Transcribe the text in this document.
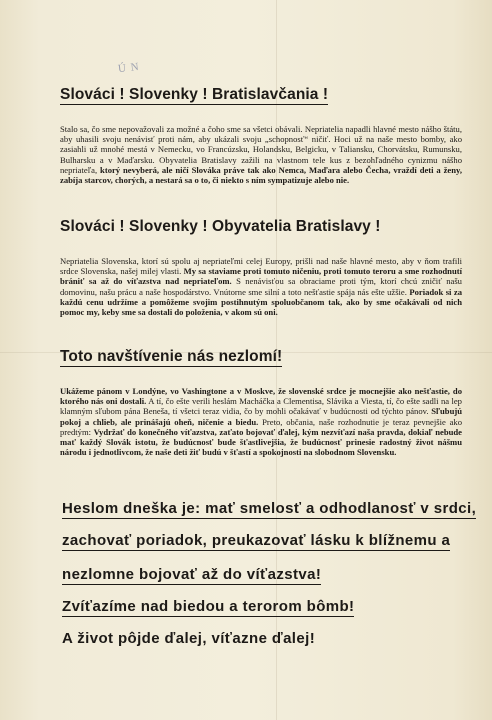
Ú N
Slováci ! Slovenky ! Bratislavčania !
Stalo sa, čo sme nepovažovali za možné a čoho sme sa všetci obávali. Nepriatelia napadli hlavné mesto nášho štátu, aby uhasili svoju nenávisť proti nám, aby ukázali svoju „schopnosť“ ničiť. Hoci už na naše mesto bomby, ako zasiahli už mnohé mestá v Nemecku, vo Francúzsku, Holandsku, Belgicku, v Taliansku, Chorvátsku, Rumunsku, Bulharsku a v Maďarsku. Obyvatelia Bratislavy zažili na vlastnom tele kus z bezohľadného cynizmu nášho nepriateľa, ktorý nevyberá, ale ničí Slováka práve tak ako Nemca, Maďara alebo Čecha, vraždí deti a ženy, zabíja starcov, chorých, a nestará sa o to, či niekto s ním sympatizuje alebo nie.
Slováci ! Slovenky ! Obyvatelia Bratislavy !
Nepriatelia Slovenska, ktorí sú spolu aj nepriateľmi celej Europy, prišli nad naše hlavné mesto, aby v ňom trafili srdce Slovenska, našej milej vlasti. My sa staviame proti tomuto ničeniu, proti tomuto teroru a sme rozhodnutí brániť sa až do víťazstva nad nepriateľom. S nenávisťou sa obraciame proti tým, ktorí chcú zničiť našu domovinu, našu prácu a naše hospodárstvo. Vnútorne sme silní a toto nešťastie spája nás ešte užšie. Poriadok si za každú cenu udržíme a pomôžeme svojim postihnutým spoluobčanom tak, ako by sme očakávali od nich pomoc my, keby sme sa dostali do položenia, v akom sú oni.
Toto navštívenie nás nezlomí!
Ukážeme pánom v Londýne, vo Vashingtone a v Moskve, že slovenské srdce je mocnejšie ako nešťastie, do ktorého nás oni dostali. A tí, čo ešte verili heslám Macháčka a Clementisa, Slávika a Viesta, tí, čo ešte sadli na lep klamným sľubom pána Beneša, tí všetci teraz vidia, čo by mohli očakávať v budúcnosti od týchto pánov. Sľubujú pokoj a chlieb, ale prinášajú oheň, ničenie a biedu. Preto, občania, naše rozhodnutie je teraz pevnejšie ako predtým: Vydržať do konečného víťazstva, zaťato bojovať ďalej, kým nezvíťazí naša pravda, dokiaľ nebude mať každý Slovák istotu, že budúcnosť bude šťastlivejšia, že budúcnosť prinesie radostný život nášmu národu i jednotlivcom, že naše deti žiť budú v šťastí a spokojnosti na slobodnom Slovensku.
Heslom dneška je: mať smelosť a odhodlanosť v srdci,
zachovať poriadok, preukazovať lásku k blížnemu a
nezlomne bojovať až do víťazstva!
Zvíťazíme nad biedou a terorom bômb!
A život pôjde ďalej, víťazne ďalej!
